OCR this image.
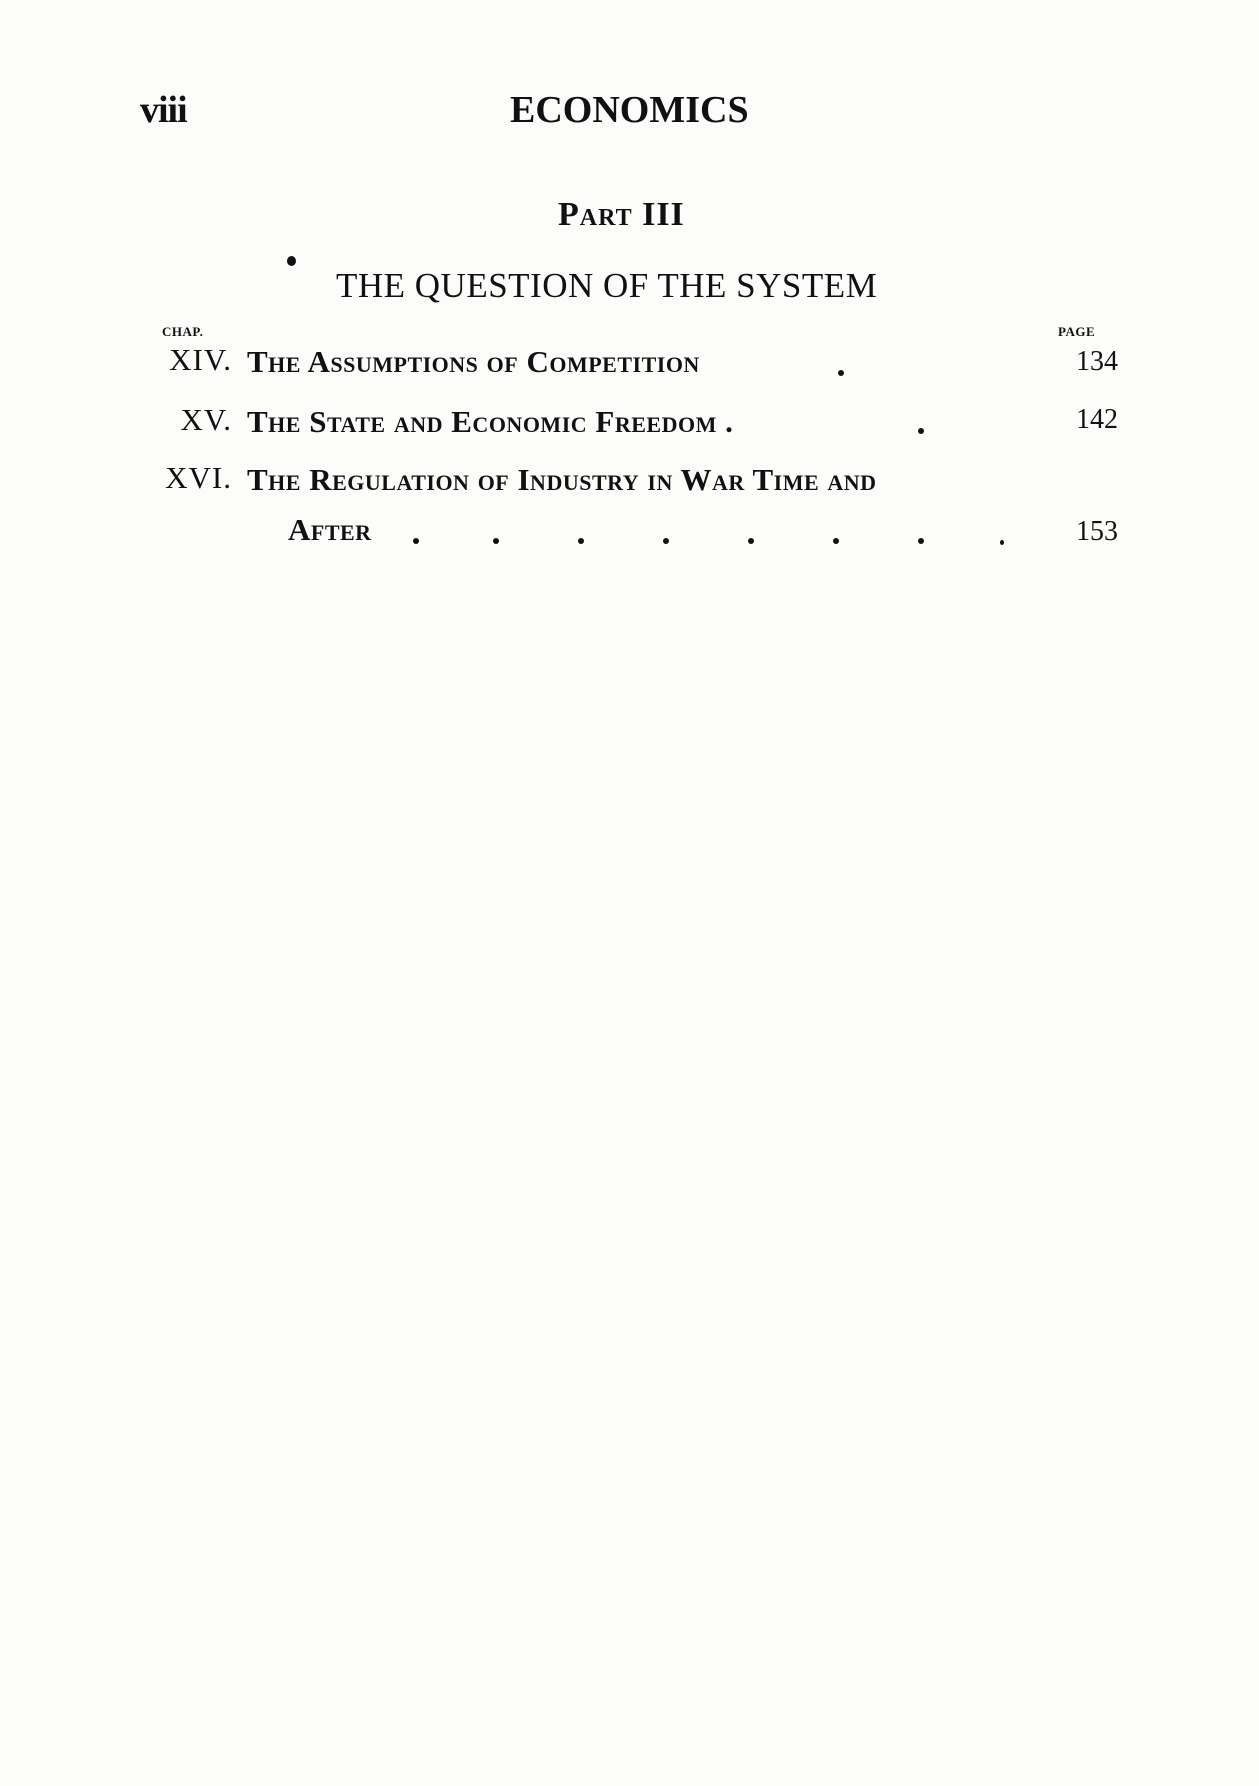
viii	ECONOMICS
Part III
THE QUESTION OF THE SYSTEM
CHAP.	PAGE
XIV. The Assumptions of Competition	134
XV. The State and Economic Freedom .	142
XVI. The Regulation of Industry in War Time and
After	153
